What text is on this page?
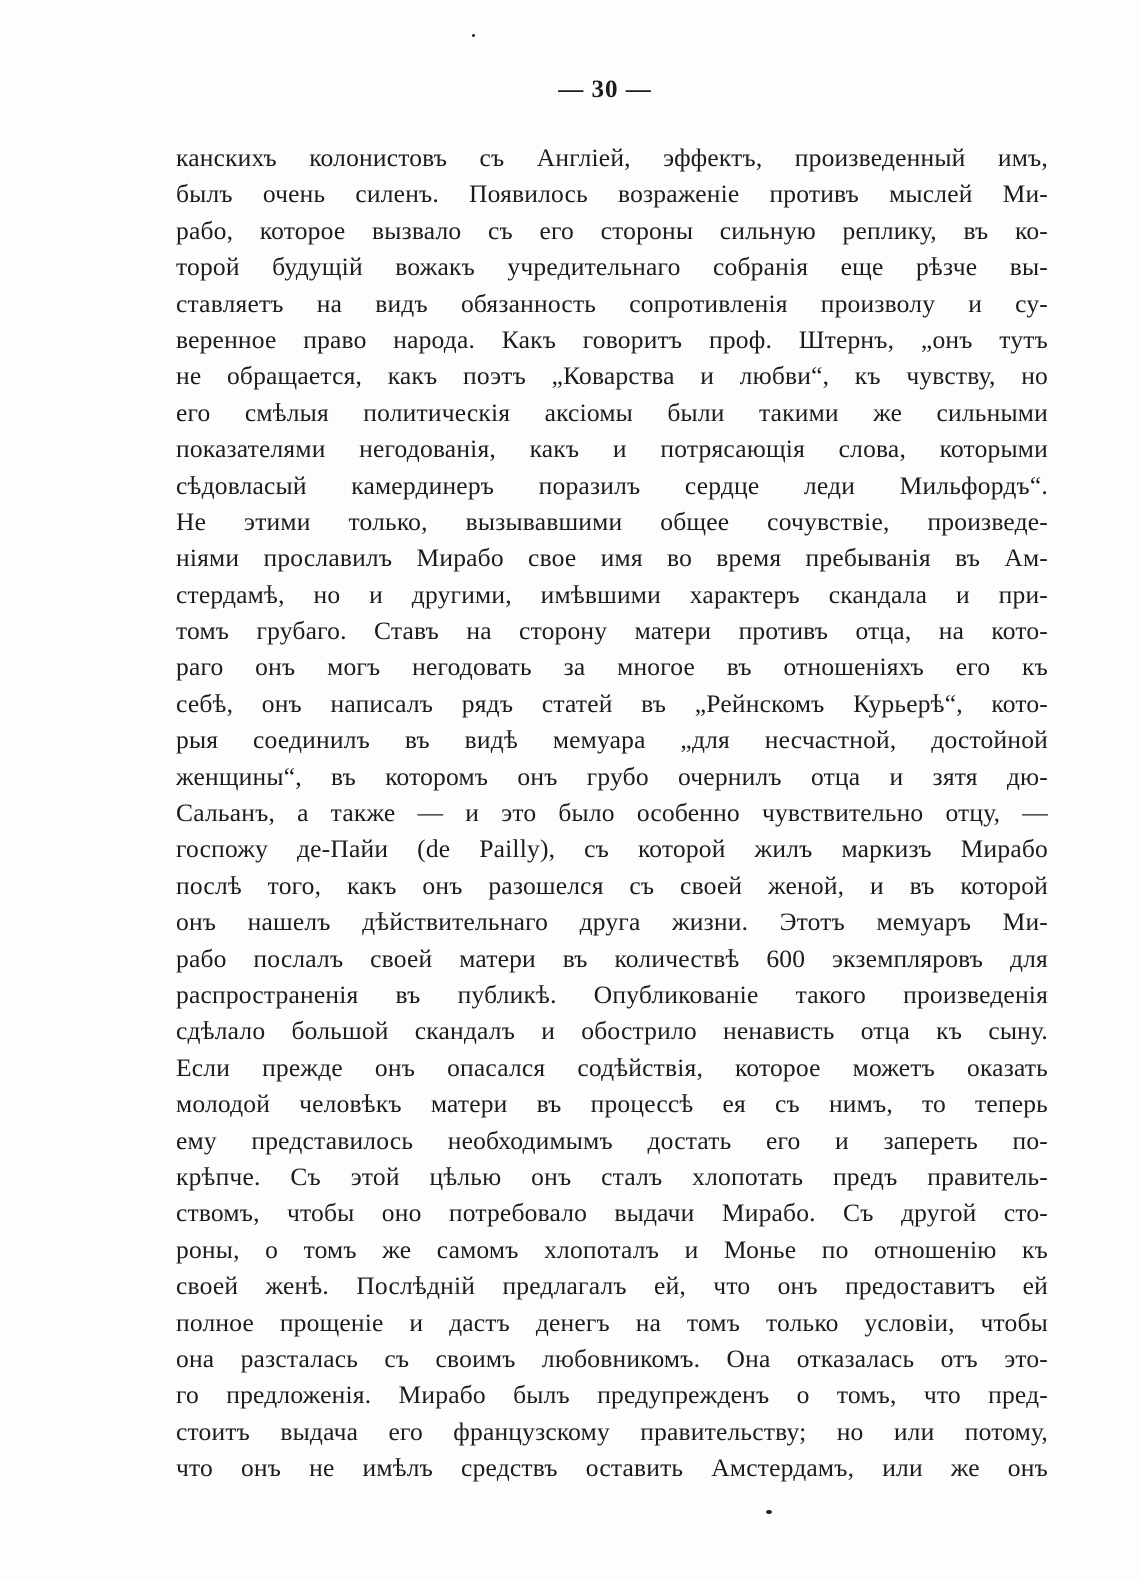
— 30 —
канскихъ колонистовъ съ Англіей, эффектъ, произведенный имъ,
былъ очень силенъ. Появилось возраженіе противъ мыслей Ми-
рабо, которое вызвало съ его стороны сильную реплику, въ ко-
торой будущій вожакъ учредительнаго собранія еще рѣзче вы-
ставляетъ на видъ обязанность сопротивленія произволу и су-
веренное право народа. Какъ говоритъ проф. Штернъ, „онъ тутъ
не обращается, какъ поэтъ „Коварства и любви“, къ чувству, но
его смѣлыя политическія аксіомы были такими же сильными
показателями негодованія, какъ и потрясающія слова, которыми
сѣдовласый камердинеръ поразилъ сердце леди Мильфордъ“.
Не этими только, вызывавшими общее сочувствіе, произведе-
ніями прославилъ Мирабо свое имя во время пребыванія въ Ам-
стердамѣ, но и другими, имѣвшими характеръ скандала и при-
томъ грубаго. Ставъ на сторону матери противъ отца, на кото-
раго онъ могъ негодовать за многое въ отношеніяхъ его къ
себѣ, онъ написалъ рядъ статей въ „Рейнскомъ Курьерѣ“, кото-
рыя соединилъ въ видѣ мемуара „для несчастной, достойной
женщины“, въ которомъ онъ грубо очернилъ отца и зятя дю-
Сальанъ, а также — и это было особенно чувствительно отцу, —
госпожу де-Пайи (de Pailly), съ которой жилъ маркизъ Мирабо
послѣ того, какъ онъ разошелся съ своей женой, и въ которой
онъ нашелъ дѣйствительнаго друга жизни. Этотъ мемуаръ Ми-
рабо послалъ своей матери въ количествѣ 600 экземпляровъ для
распространенія въ публикѣ. Опубликованіе такого произведенія
сдѣлало большой скандалъ и обострило ненависть отца къ сыну.
Если прежде онъ опасался содѣйствія, которое можетъ оказать
молодой человѣкъ матери въ процессѣ ея съ нимъ, то теперь
ему представилось необходимымъ достать его и запереть по-
крѣпче. Съ этой цѣлью онъ сталъ хлопотать предъ правитель-
ствомъ, чтобы оно потребовало выдачи Мирабо. Съ другой сто-
роны, о томъ же самомъ хлопоталъ и Монье по отношенію къ
своей женѣ. Послѣдній предлагалъ ей, что онъ предоставитъ ей
полное прощеніе и дастъ денегъ на томъ только условіи, чтобы
она разсталась съ своимъ любовникомъ. Она отказалась отъ это-
го предложенія. Мирабо былъ предупрежденъ о томъ, что пред-
стоитъ выдача его французскому правительству; но или потому,
что онъ не имѣлъ средствъ оставить Амстердамъ, или же онъ
